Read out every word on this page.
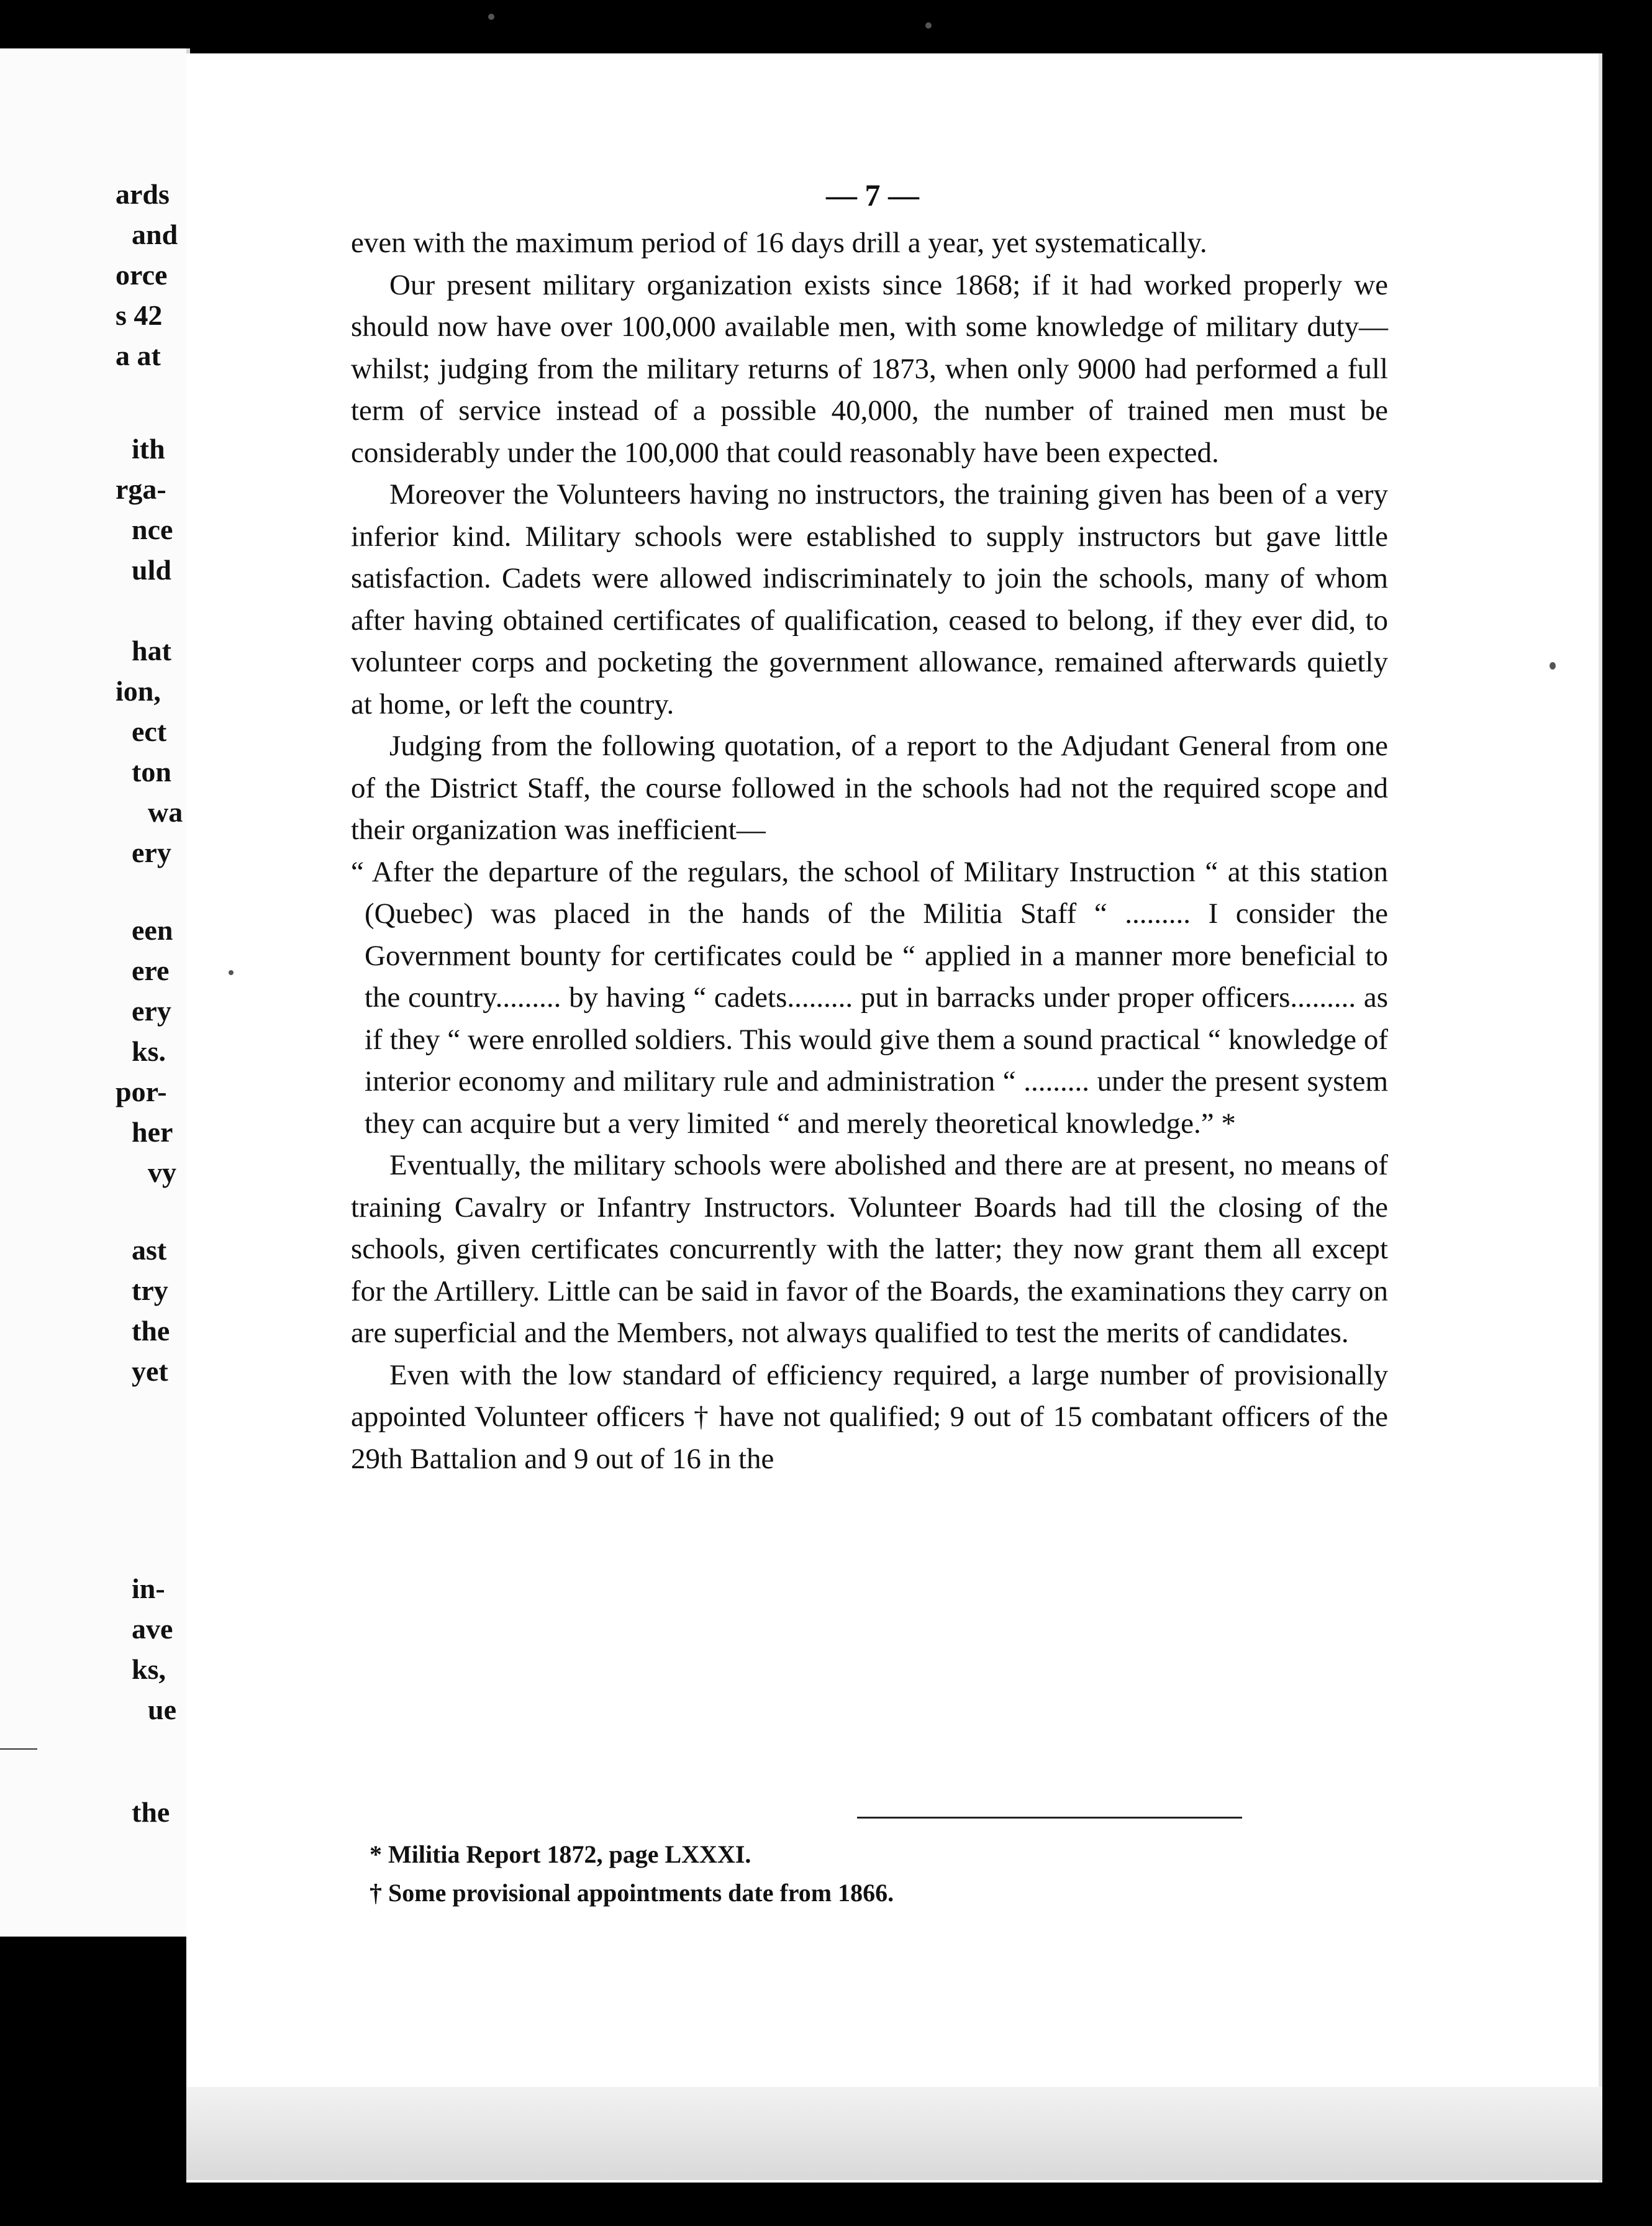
ards
and
orce
s 42
a at
ith
rga-
nce
uld
hat
ion,
ect
ton
wa
ery
een
ere
ery
ks.
por-
her
vy
ast
try
the
yet
in-
ave
ks,
ue
the
— 7 —

even with the maximum period of 16 days drill a year, yet systematically.

Our present military organization exists since 1868; if it had worked properly we should now have over 100,000 available men, with some knowledge of military duty— whilst; judging from the military returns of 1873, when only 9000 had performed a full term of service instead of a possible 40,000, the number of trained men must be considerably under the 100,000 that could reasonably have been expected.

Moreover the Volunteers having no instructors, the training given has been of a very inferior kind. Military schools were established to supply instructors but gave little satisfaction. Cadets were allowed indiscriminately to join the schools, many of whom after having obtained certificates of qualification, ceased to belong, if they ever did, to volunteer corps and pocketing the government allowance, remained afterwards quietly at home, or left the country.

Judging from the following quotation, of a report to the Adjudant General from one of the District Staff, the course followed in the schools had not the required scope and their organization was inefficient—

“ After the departure of the regulars, the school of Military Instruction “ at this station (Quebec) was placed in the hands of the Militia Staff “ ......... I consider the Government bounty for certificates could be “ applied in a manner more beneficial to the country......... by having “ cadets......... put in barracks under proper officers......... as if they “ were enrolled soldiers. This would give them a sound practical “ knowledge of interior economy and military rule and administration “ ......... under the present system they can acquire but a very limited “ and merely theoretical knowledge.” *

Eventually, the military schools were abolished and there are at present, no means of training Cavalry or Infantry Instructors. Volunteer Boards had till the closing of the schools, given certificates concurrently with the latter; they now grant them all except for the Artillery. Little can be said in favor of the Boards, the examinations they carry on are superficial and the Members, not always qualified to test the merits of candidates.

Even with the low standard of efficiency required, a large number of provisionally appointed Volunteer officers † have not qualified; 9 out of 15 combatant officers of the 29th Battalion and 9 out of 16 in the

* Militia Report 1872, page LXXXI.
† Some provisional appointments date from 1866.
